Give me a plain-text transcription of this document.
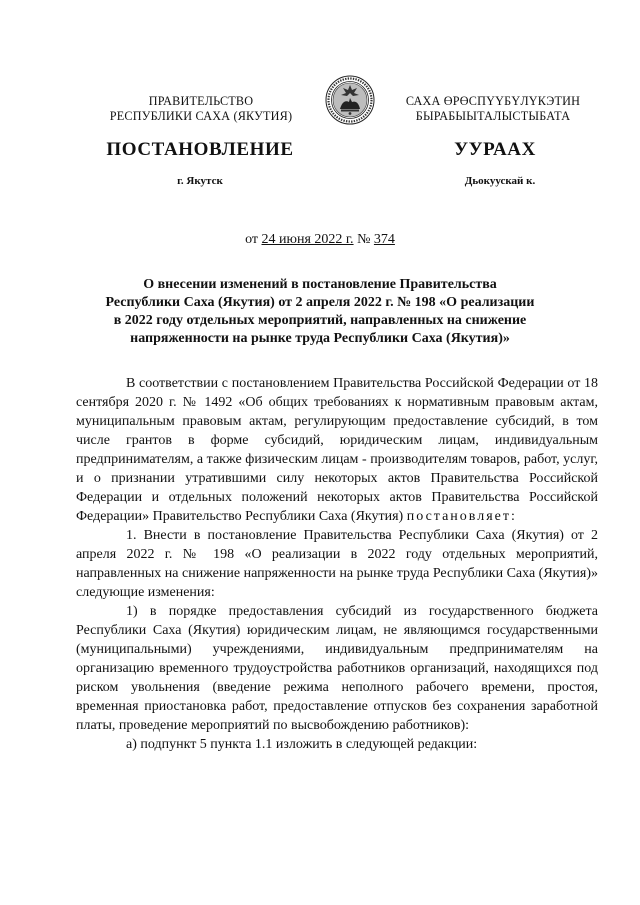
ПРАВИТЕЛЬСТВО
РЕСПУБЛИКИ САХА (ЯКУТИЯ)
САХА ӨРӨСПҮҮБҮЛҮКЭТИН
БЫРАБЫЫТАЛЫСТЫБАТА
ПОСТАНОВЛЕНИЕ	УУРААХ
г. Якутск	Дьокуускай к.
от 24 июня 2022 г. № 374
О внесении изменений в постановление Правительства
Республики Саха (Якутия) от 2 апреля 2022 г. № 198 «О реализации
в 2022 году отдельных мероприятий, направленных на снижение
напряженности на рынке труда Республики Саха (Якутия)»

В соответствии с постановлением Правительства Российской Федерации от 18 сентября 2020 г. № 1492 «Об общих требованиях к нормативным правовым актам, муниципальным правовым актам, регулирующим предоставление субсидий, в том числе грантов в форме субсидий, юридическим лицам, индивидуальным предпринимателям, а также физическим лицам - производителям товаров, работ, услуг, и о признании утратившими силу некоторых актов Правительства Российской Федерации и отдельных положений некоторых актов Правительства Российской Федерации» Правительство Республики Саха (Якутия) постановляет:

1. Внести в постановление Правительства Республики Саха (Якутия) от 2 апреля 2022 г. № 198 «О реализации в 2022 году отдельных мероприятий, направленных на снижение напряженности на рынке труда Республики Саха (Якутия)» следующие изменения:

1) в порядке предоставления субсидий из государственного бюджета Республики Саха (Якутия) юридическим лицам, не являющимся государственными (муниципальными) учреждениями, индивидуальным предпринимателям на организацию временного трудоустройства работников организаций, находящихся под риском увольнения (введение режима неполного рабочего времени, простоя, временная приостановка работ, предоставление отпусков без сохранения заработной платы, проведение мероприятий по высвобождению работников):

а) подпункт 5 пункта 1.1 изложить в следующей редакции:
